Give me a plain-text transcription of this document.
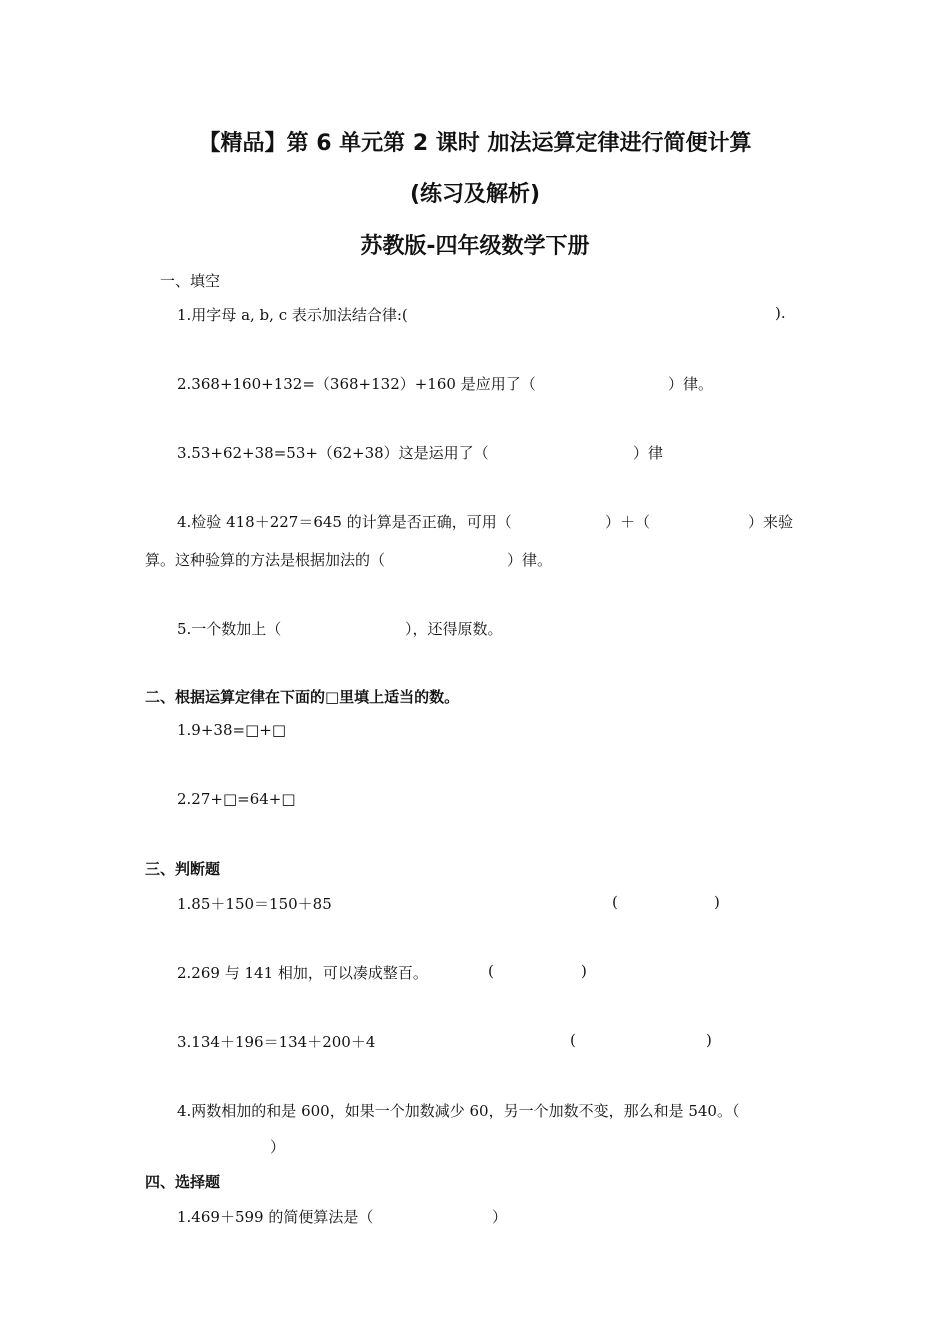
【精品】第 6 单元第 2 课时 加法运算定律进行简便计算
(练习及解析)
苏教版-四年级数学下册
一、填空
1.用字母 a, b, c 表示加法结合律:(	).
2.368+160+132=（368+132）+160 是应用了（	）律。
3.53+62+38=53+（62+38）这是运用了（	）律
4.检验 418＋227＝645 的计算是否正确，可用（	）＋（	）来验
算。这种验算的方法是根据加法的（	）律。
5.一个数加上（	），还得原数。
二、根据运算定律在下面的□里填上适当的数。
1.9+38=□+□
2.27+□=64+□
三、判断题
1.85＋150＝150＋85	(	)
2.269 与 141 相加，可以凑成整百。	(	)
3.134＋196＝134＋200＋4	(	)
4.两数相加的和是 600，如果一个加数减少 60，另一个加数不变，那么和是 540。（
）
四、选择题
1.469＋599 的简便算法是（	）
